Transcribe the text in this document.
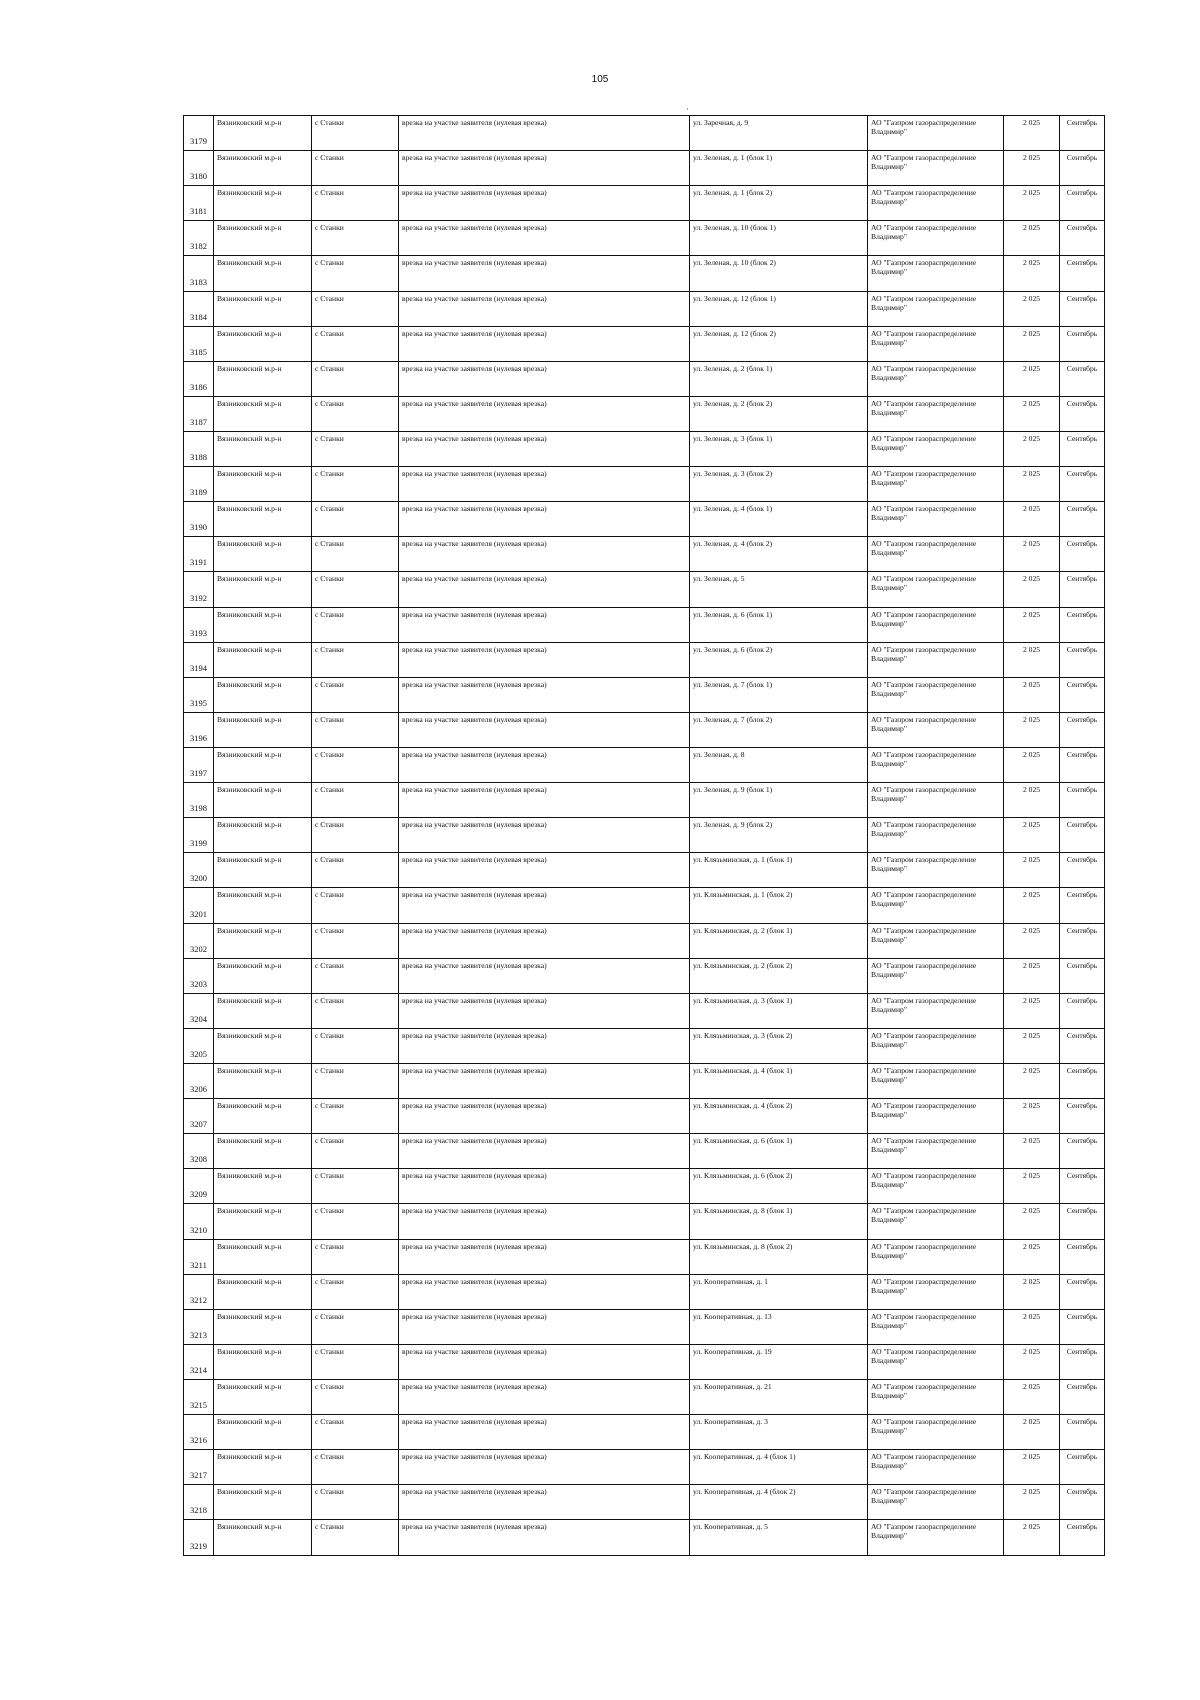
105
·
3179	Вязниковский м.р-н	с Станки	врезка на участке заявителя (нулевая врезка)	ул. Заречная, д. 9	АО "Газпром газораспределение Владимир"	2 025	Сентябрь
3180	Вязниковский м.р-н	с Станки	врезка на участке заявителя (нулевая врезка)	ул. Зеленая, д. 1 (блок 1)	АО "Газпром газораспределение Владимир"	2 025	Сентябрь
3181	Вязниковский м.р-н	с Станки	врезка на участке заявителя (нулевая врезка)	ул. Зеленая, д. 1 (блок 2)	АО "Газпром газораспределение Владимир"	2 025	Сентябрь
3182	Вязниковский м.р-н	с Станки	врезка на участке заявителя (нулевая врезка)	ул. Зеленая, д. 10 (блок 1)	АО "Газпром газораспределение Владимир"	2 025	Сентябрь
3183	Вязниковский м.р-н	с Станки	врезка на участке заявителя (нулевая врезка)	ул. Зеленая, д. 10 (блок 2)	АО "Газпром газораспределение Владимир"	2 025	Сентябрь
3184	Вязниковский м.р-н	с Станки	врезка на участке заявителя (нулевая врезка)	ул. Зеленая, д. 12 (блок 1)	АО "Газпром газораспределение Владимир"	2 025	Сентябрь
3185	Вязниковский м.р-н	с Станки	врезка на участке заявителя (нулевая врезка)	ул. Зеленая, д. 12 (блок 2)	АО "Газпром газораспределение Владимир"	2 025	Сентябрь
3186	Вязниковский м.р-н	с Станки	врезка на участке заявителя (нулевая врезка)	ул. Зеленая, д. 2 (блок 1)	АО "Газпром газораспределение Владимир"	2 025	Сентябрь
3187	Вязниковский м.р-н	с Станки	врезка на участке заявителя (нулевая врезка)	ул. Зеленая, д. 2 (блок 2)	АО "Газпром газораспределение Владимир"	2 025	Сентябрь
3188	Вязниковский м.р-н	с Станки	врезка на участке заявителя (нулевая врезка)	ул. Зеленая, д. 3 (блок 1)	АО "Газпром газораспределение Владимир"	2 025	Сентябрь
3189	Вязниковский м.р-н	с Станки	врезка на участке заявителя (нулевая врезка)	ул. Зеленая, д. 3 (блок 2)	АО "Газпром газораспределение Владимир"	2 025	Сентябрь
3190	Вязниковский м.р-н	с Станки	врезка на участке заявителя (нулевая врезка)	ул. Зеленая, д. 4 (блок 1)	АО "Газпром газораспределение Владимир"	2 025	Сентябрь
3191	Вязниковский м.р-н	с Станки	врезка на участке заявителя (нулевая врезка)	ул. Зеленая, д. 4 (блок 2)	АО "Газпром газораспределение Владимир"	2 025	Сентябрь
3192	Вязниковский м.р-н	с Станки	врезка на участке заявителя (нулевая врезка)	ул. Зеленая, д. 5	АО "Газпром газораспределение Владимир"	2 025	Сентябрь
3193	Вязниковский м.р-н	с Станки	врезка на участке заявителя (нулевая врезка)	ул. Зеленая, д. 6 (блок 1)	АО "Газпром газораспределение Владимир"	2 025	Сентябрь
3194	Вязниковский м.р-н	с Станки	врезка на участке заявителя (нулевая врезка)	ул. Зеленая, д. 6 (блок 2)	АО "Газпром газораспределение Владимир"	2 025	Сентябрь
3195	Вязниковский м.р-н	с Станки	врезка на участке заявителя (нулевая врезка)	ул. Зеленая, д. 7 (блок 1)	АО "Газпром газораспределение Владимир"	2 025	Сентябрь
3196	Вязниковский м.р-н	с Станки	врезка на участке заявителя (нулевая врезка)	ул. Зеленая, д. 7 (блок 2)	АО "Газпром газораспределение Владимир"	2 025	Сентябрь
3197	Вязниковский м.р-н	с Станки	врезка на участке заявителя (нулевая врезка)	ул. Зеленая, д. 8	АО "Газпром газораспределение Владимир"	2 025	Сентябрь
3198	Вязниковский м.р-н	с Станки	врезка на участке заявителя (нулевая врезка)	ул. Зеленая, д. 9 (блок 1)	АО "Газпром газораспределение Владимир"	2 025	Сентябрь
3199	Вязниковский м.р-н	с Станки	врезка на участке заявителя (нулевая врезка)	ул. Зеленая, д. 9 (блок 2)	АО "Газпром газораспределение Владимир"	2 025	Сентябрь
3200	Вязниковский м.р-н	с Станки	врезка на участке заявителя (нулевая врезка)	ул. Клязьминская, д. 1 (блок 1)	АО "Газпром газораспределение Владимир"	2 025	Сентябрь
3201	Вязниковский м.р-н	с Станки	врезка на участке заявителя (нулевая врезка)	ул. Клязьминская, д. 1 (блок 2)	АО "Газпром газораспределение Владимир"	2 025	Сентябрь
3202	Вязниковский м.р-н	с Станки	врезка на участке заявителя (нулевая врезка)	ул. Клязьминская, д. 2 (блок 1)	АО "Газпром газораспределение Владимир"	2 025	Сентябрь
3203	Вязниковский м.р-н	с Станки	врезка на участке заявителя (нулевая врезка)	ул. Клязьминская, д. 2 (блок 2)	АО "Газпром газораспределение Владимир"	2 025	Сентябрь
3204	Вязниковский м.р-н	с Станки	врезка на участке заявителя (нулевая врезка)	ул. Клязьминская, д. 3 (блок 1)	АО "Газпром газораспределение Владимир"	2 025	Сентябрь
3205	Вязниковский м.р-н	с Станки	врезка на участке заявителя (нулевая врезка)	ул. Клязьминская, д. 3 (блок 2)	АО "Газпром газораспределение Владимир"	2 025	Сентябрь
3206	Вязниковский м.р-н	с Станки	врезка на участке заявителя (нулевая врезка)	ул. Клязьминская, д. 4 (блок 1)	АО "Газпром газораспределение Владимир"	2 025	Сентябрь
3207	Вязниковский м.р-н	с Станки	врезка на участке заявителя (нулевая врезка)	ул. Клязьминская, д. 4 (блок 2)	АО "Газпром газораспределение Владимир"	2 025	Сентябрь
3208	Вязниковский м.р-н	с Станки	врезка на участке заявителя (нулевая врезка)	ул. Клязьминская, д. 6 (блок 1)	АО "Газпром газораспределение Владимир"	2 025	Сентябрь
3209	Вязниковский м.р-н	с Станки	врезка на участке заявителя (нулевая врезка)	ул. Клязьминская, д. 6 (блок 2)	АО "Газпром газораспределение Владимир"	2 025	Сентябрь
3210	Вязниковский м.р-н	с Станки	врезка на участке заявителя (нулевая врезка)	ул. Клязьминская, д. 8 (блок 1)	АО "Газпром газораспределение Владимир"	2 025	Сентябрь
3211	Вязниковский м.р-н	с Станки	врезка на участке заявителя (нулевая врезка)	ул. Клязьминская, д. 8 (блок 2)	АО "Газпром газораспределение Владимир"	2 025	Сентябрь
3212	Вязниковский м.р-н	с Станки	врезка на участке заявителя (нулевая врезка)	ул. Кооперативная, д. 1	АО "Газпром газораспределение Владимир"	2 025	Сентябрь
3213	Вязниковский м.р-н	с Станки	врезка на участке заявителя (нулевая врезка)	ул. Кооперативная, д. 13	АО "Газпром газораспределение Владимир"	2 025	Сентябрь
3214	Вязниковский м.р-н	с Станки	врезка на участке заявителя (нулевая врезка)	ул. Кооперативная, д. 19	АО "Газпром газораспределение Владимир"	2 025	Сентябрь
3215	Вязниковский м.р-н	с Станки	врезка на участке заявителя (нулевая врезка)	ул. Кооперативная, д. 21	АО "Газпром газораспределение Владимир"	2 025	Сентябрь
3216	Вязниковский м.р-н	с Станки	врезка на участке заявителя (нулевая врезка)	ул. Кооперативная, д. 3	АО "Газпром газораспределение Владимир"	2 025	Сентябрь
3217	Вязниковский м.р-н	с Станки	врезка на участке заявителя (нулевая врезка)	ул. Кооперативная, д. 4 (блок 1)	АО "Газпром газораспределение Владимир"	2 025	Сентябрь
3218	Вязниковский м.р-н	с Станки	врезка на участке заявителя (нулевая врезка)	ул. Кооперативная, д. 4 (блок 2)	АО "Газпром газораспределение Владимир"	2 025	Сентябрь
3219	Вязниковский м.р-н	с Станки	врезка на участке заявителя (нулевая врезка)	ул. Кооперативная, д. 5	АО "Газпром газораспределение Владимир"	2 025	Сентябрь
